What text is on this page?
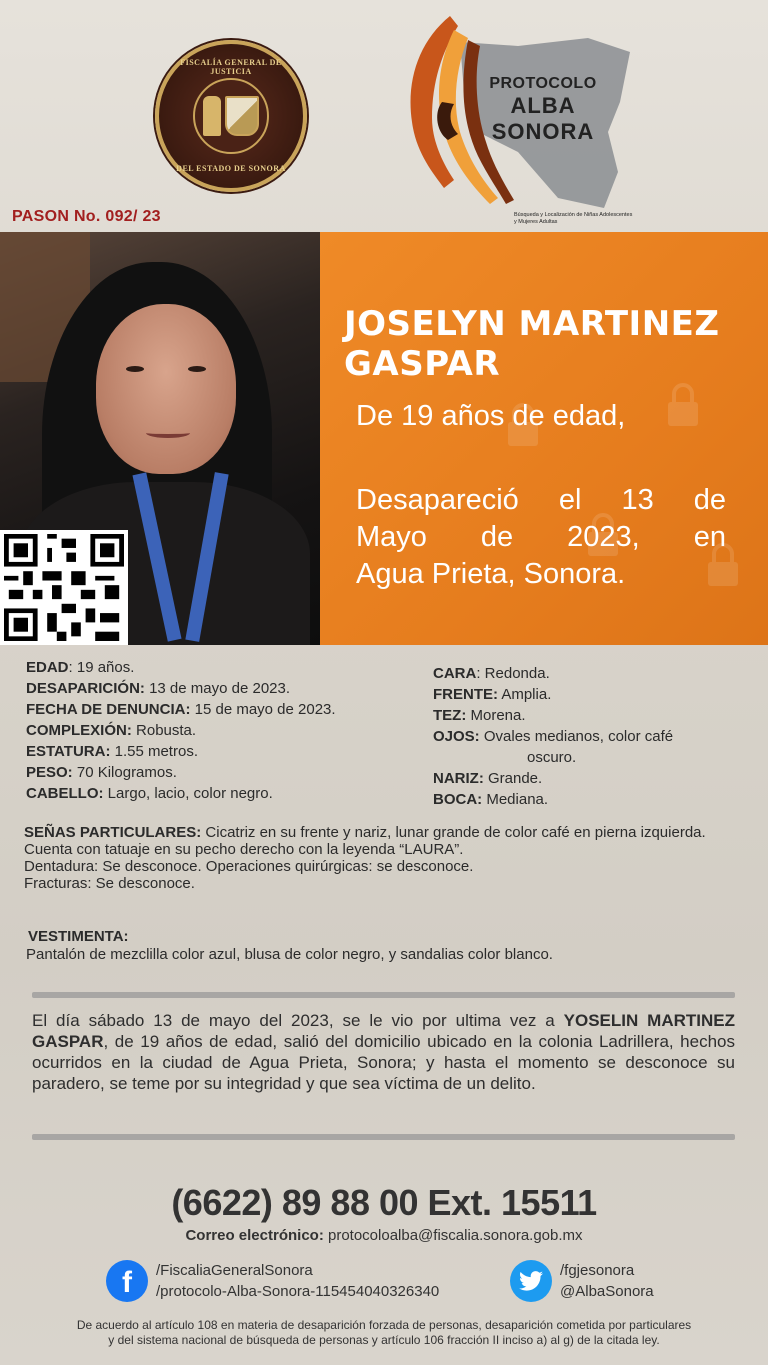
FISCALÍA GENERAL DE JUSTICIA
DEL ESTADO DE SONORA
PASON No. 092/ 23
PROTOCOLO
ALBA
SONORA
Búsqueda y Localización de Niñas Adolescentes y Mujeres Adultas
JOSELYN MARTINEZ
GASPAR
De 19 años de edad,
Desapareció el 13 de
Mayo de 2023, en
Agua Prieta, Sonora.
EDAD: 19 años.
DESAPARICIÓN: 13 de mayo de 2023.
FECHA DE DENUNCIA: 15 de mayo de 2023.
COMPLEXIÓN: Robusta.
ESTATURA: 1.55 metros.
PESO: 70 Kilogramos.
CABELLO: Largo, lacio, color negro.
CARA: Redonda.
FRENTE: Amplia.
TEZ: Morena.
OJOS: Ovales medianos, color café
oscuro.
NARIZ: Grande.
BOCA: Mediana.
SEÑAS PARTICULARES: Cicatriz en su frente y nariz, lunar grande de color café en pierna izquierda. Cuenta con tatuaje en su pecho derecho con la leyenda “LAURA”.
Dentadura: Se desconoce. Operaciones quirúrgicas: se desconoce.
Fracturas: Se desconoce.
VESTIMENTA:
Pantalón de mezclilla color azul, blusa de color negro, y sandalias color blanco.
El día sábado 13 de mayo del 2023, se le vio por ultima vez a YOSELIN MARTINEZ GASPAR, de 19 años de edad, salió del domicilio ubicado en la colonia Ladrillera, hechos ocurridos en la ciudad de Agua Prieta, Sonora; y hasta el momento se desconoce su paradero, se teme por su integridad y que sea víctima de un delito.
(6622) 89 88 00 Ext. 15511
Correo electrónico: protocoloalba@fiscalia.sonora.gob.mx
f	/FiscaliaGeneralSonora
/protocolo-Alba-Sonora-115454040326340
/fgjesonora
@AlbaSonora
De acuerdo al artículo 108 en materia de desaparición forzada de personas, desaparición cometida por particulares
y del sistema nacional de búsqueda de personas y artículo 106 fracción II inciso a) al g) de la citada ley.
